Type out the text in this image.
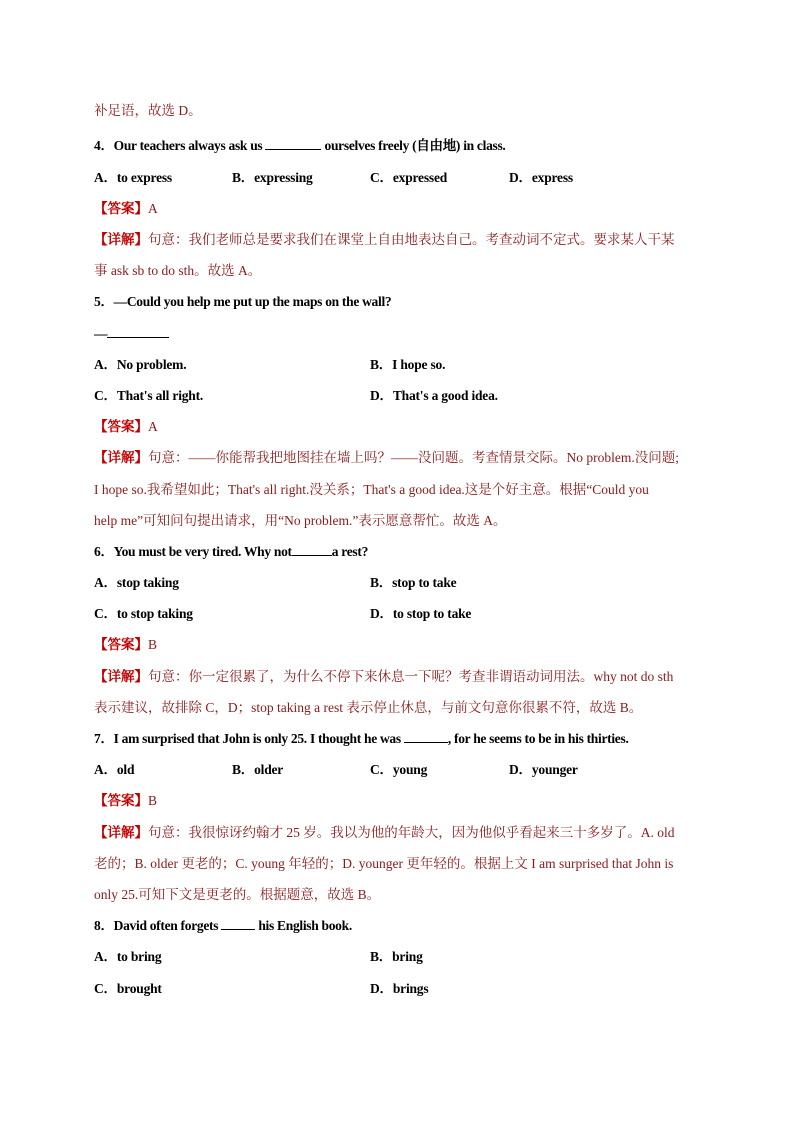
补足语，故选 D。
4．Our teachers always ask us	ourselves freely (自由地) in class.
A．to express	B．expressing	C．expressed	D．express
【答案】A
【详解】句意：我们老师总是要求我们在课堂上自由地表达自己。考查动词不定式。要求某人干某
事 ask sb to do sth。故选 A。
5．—Could you help me put up the maps on the wall?
—
A．No problem.	B．I hope so.
C．That's all right.	D．That's a good idea.
【答案】A
【详解】句意：——你能帮我把地图挂在墙上吗？——没问题。考查情景交际。No problem.没问题;
I hope so.我希望如此；That's all right.没关系；That's a good idea.这是个好主意。根据“Could you
help me”可知问句提出请求，用“No problem.”表示愿意帮忙。故选 A。
6．You must be very tired. Why not	a rest?
A．stop taking	B．stop to take
C．to stop taking	D．to stop to take
【答案】B
【详解】句意：你一定很累了，为什么不停下来休息一下呢？考查非谓语动词用法。why not do sth
表示建议，故排除 C，D；stop taking a rest 表示停止休息，与前文句意你很累不符，故选 B。
7．I am surprised that John is only 25. I thought he was	, for he seems to be in his thirties.
A．old	B．older	C．young	D．younger
【答案】B
【详解】句意：我很惊讶约翰才 25 岁。我以为他的年龄大，因为他似乎看起来三十多岁了。A. old
老的；B. older 更老的；C. young 年轻的；D. younger 更年轻的。根据上文 I am surprised that John is
only 25.可知下文是更老的。根据题意，故选 B。
8．David often forgets	his English book.
A．to bring	B．bring
C．brought	D．brings
